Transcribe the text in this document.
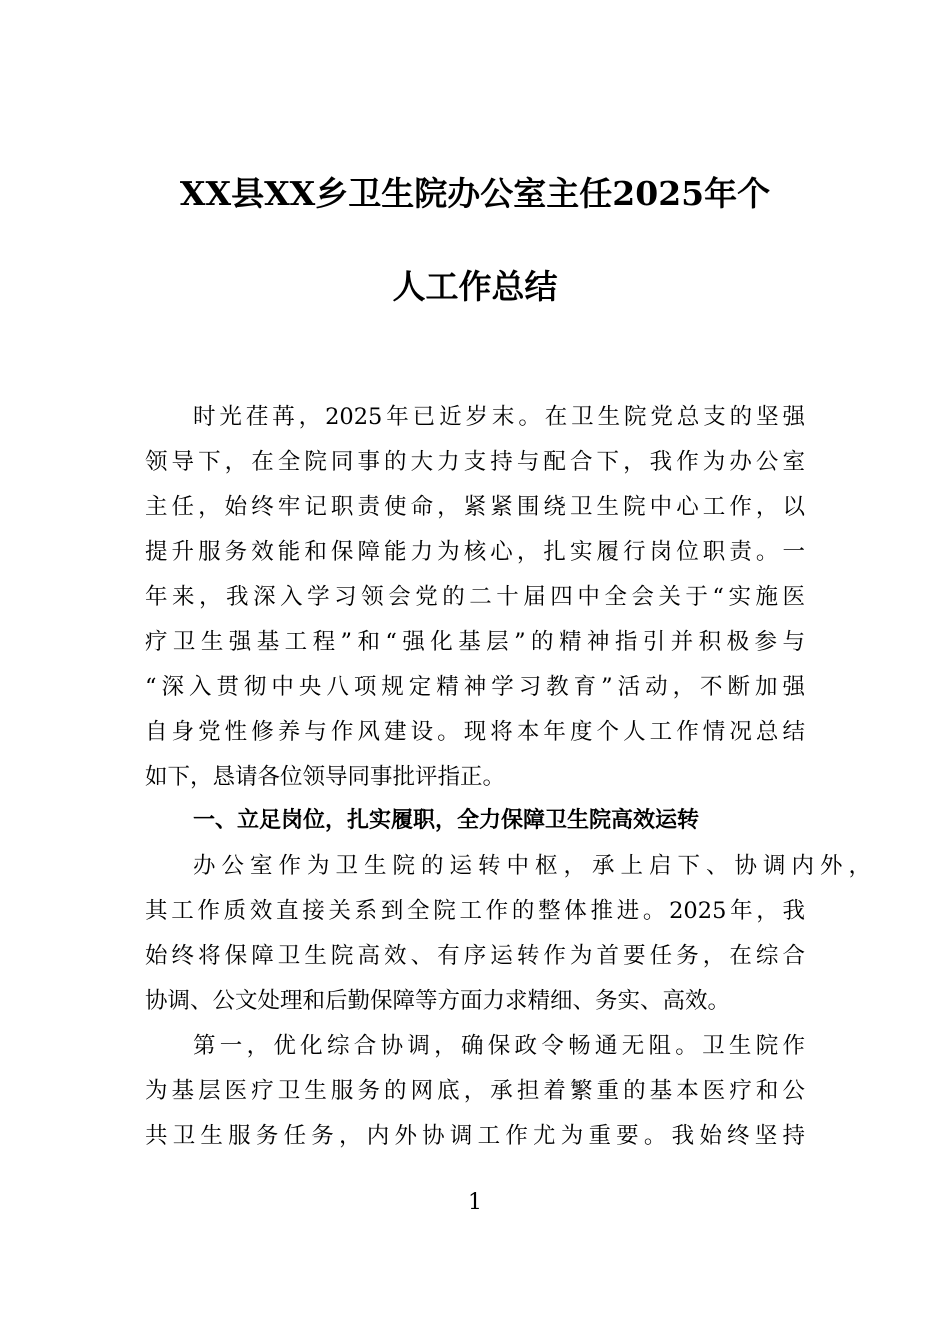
XX县XX乡卫生院办公室主任2025年个
人工作总结
时光荏苒，2025年已近岁末。在卫生院党总支的坚强
领导下，在全院同事的大力支持与配合下，我作为办公室
主任，始终牢记职责使命，紧紧围绕卫生院中心工作，以
提升服务效能和保障能力为核心，扎实履行岗位职责。一
年来，我深入学习领会党的二十届四中全会关于“实施医
疗卫生强基工程”和“强化基层”的精神指引并积极参与
“深入贯彻中央八项规定精神学习教育”活动，不断加强
自身党性修养与作风建设。现将本年度个人工作情况总结
如下，恳请各位领导同事批评指正。
一、立足岗位，扎实履职，全力保障卫生院高效运转
办公室作为卫生院的运转中枢，承上启下、协调内外，
其工作质效直接关系到全院工作的整体推进。2025年，我
始终将保障卫生院高效、有序运转作为首要任务，在综合
协调、公文处理和后勤保障等方面力求精细、务实、高效。
第一，优化综合协调，确保政令畅通无阻。卫生院作
为基层医疗卫生服务的网底，承担着繁重的基本医疗和公
共卫生服务任务，内外协调工作尤为重要。我始终坚持
1
